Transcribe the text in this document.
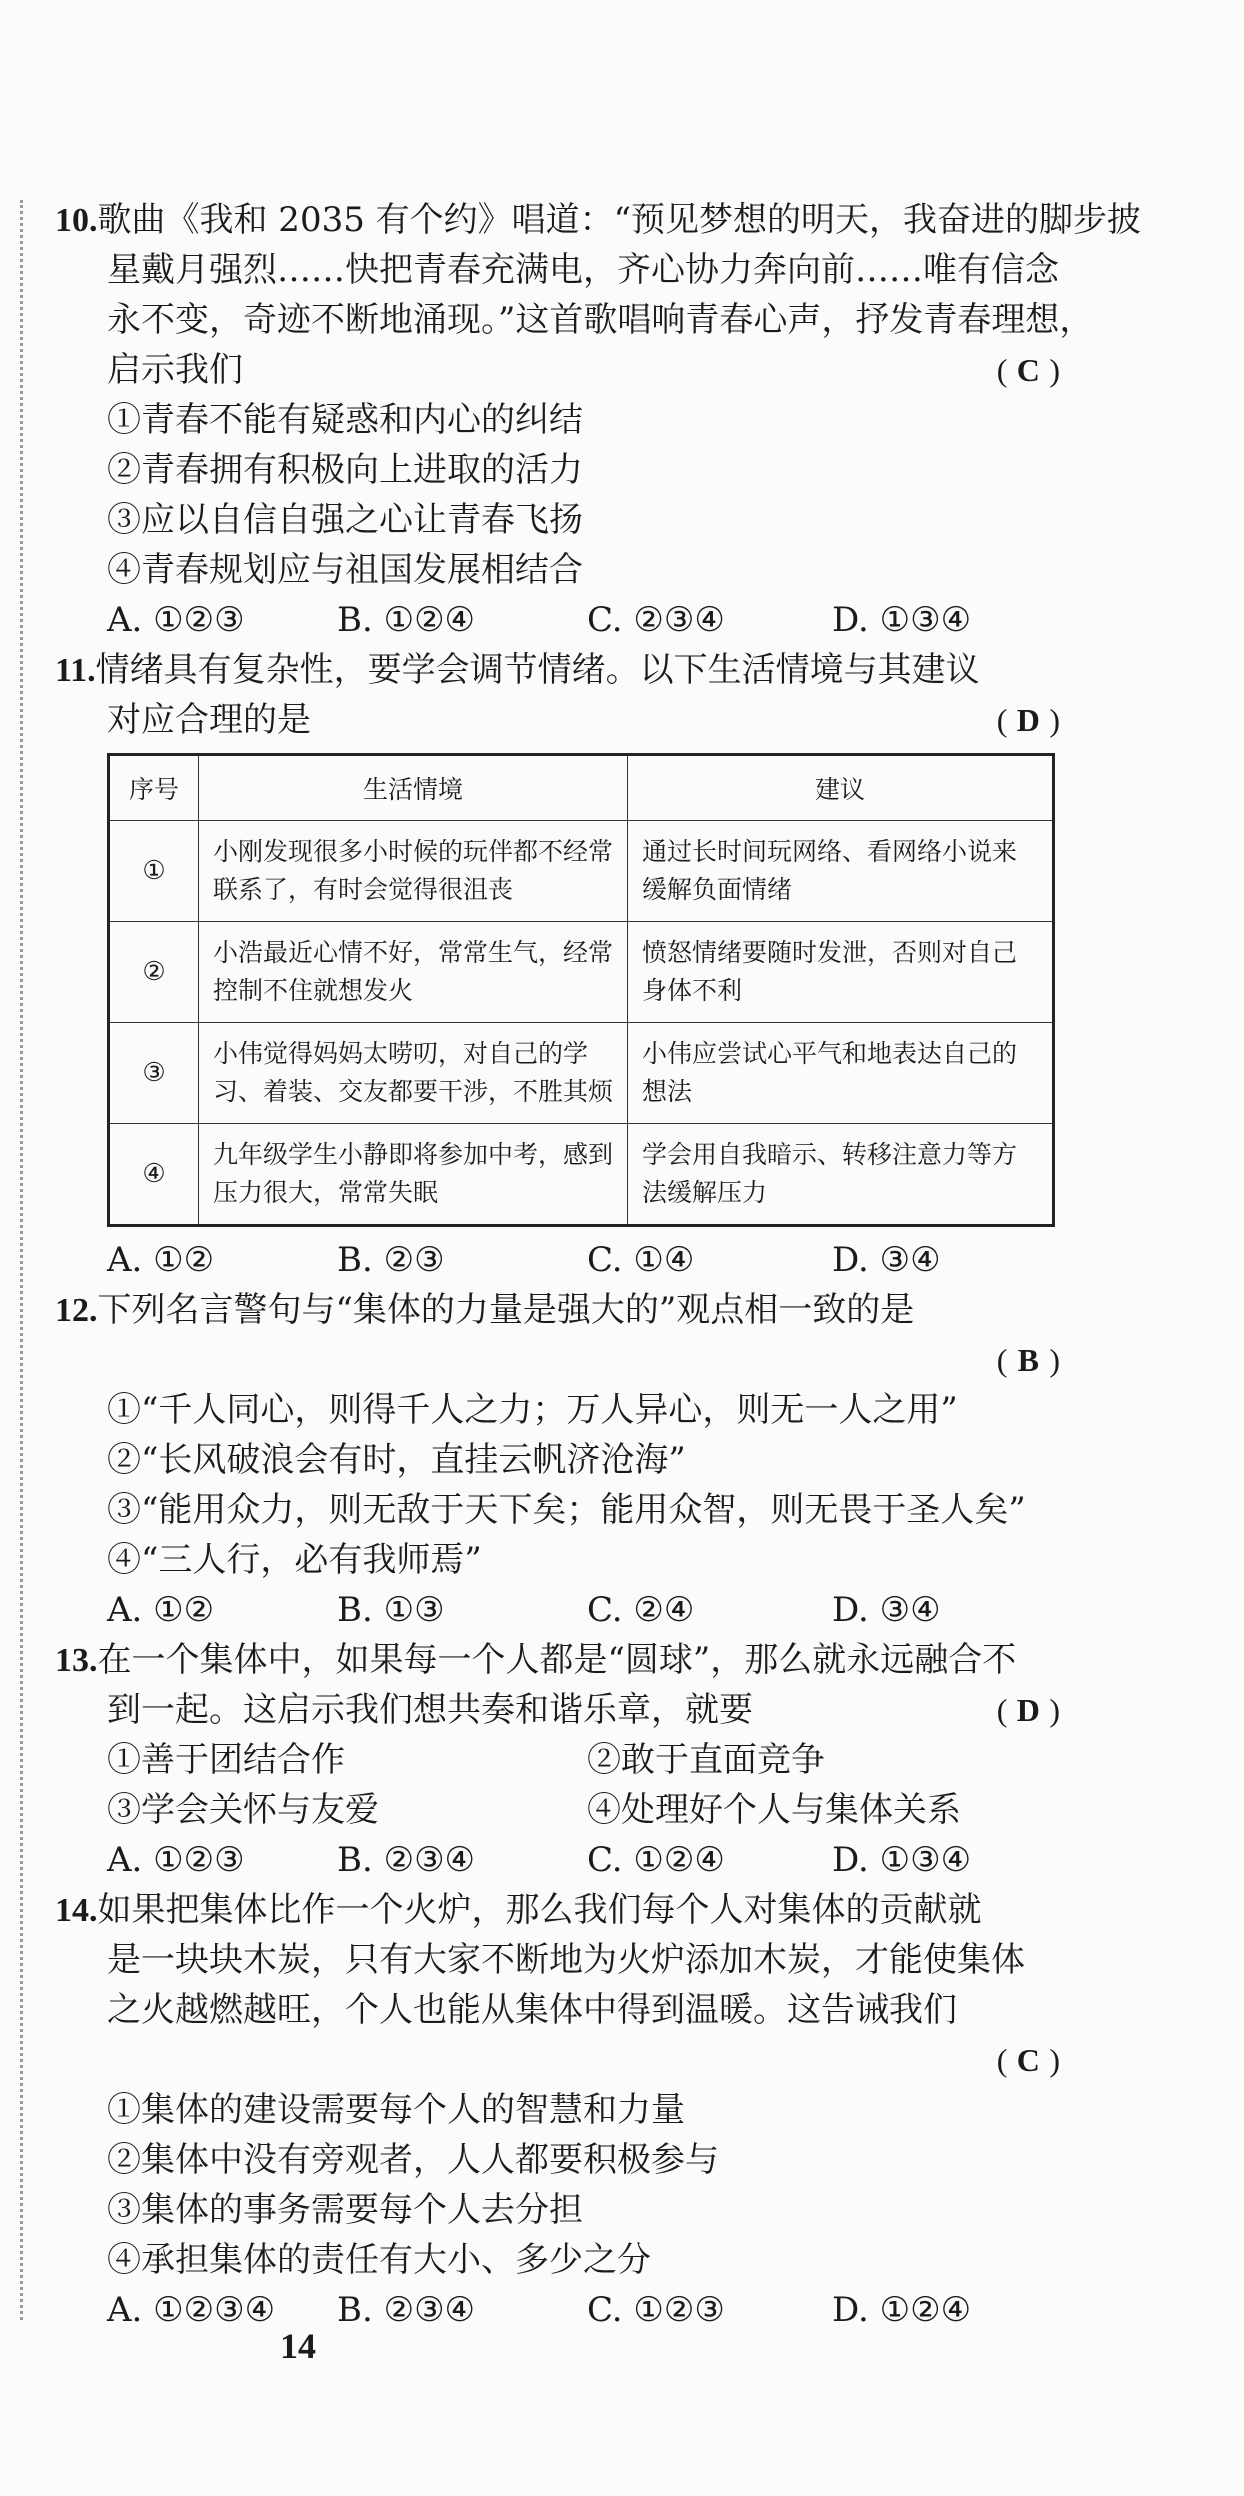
10.歌曲《我和 2035 有个约》唱道：“预见梦想的明天，我奋进的脚步披
星戴月强烈……快把青春充满电，齐心协力奔向前……唯有信念
永不变，奇迹不断地涌现。”这首歌唱响青春心声，抒发青春理想，
启示我们	( C )
①青春不能有疑惑和内心的纠结
②青春拥有积极向上进取的活力
③应以自信自强之心让青春飞扬
④青春规划应与祖国发展相结合
A. ①②③	B. ①②④	C. ②③④	D. ①③④
11.情绪具有复杂性，要学会调节情绪。以下生活情境与其建议
对应合理的是	( D )
序号	生活情境	建议
①	小刚发现很多小时候的玩伴都不经常联系了，有时会觉得很沮丧	通过长时间玩网络、看网络小说来缓解负面情绪
②	小浩最近心情不好，常常生气，经常控制不住就想发火	愤怒情绪要随时发泄，否则对自己身体不利
③	小伟觉得妈妈太唠叨，对自己的学习、着装、交友都要干涉，不胜其烦	小伟应尝试心平气和地表达自己的想法
④	九年级学生小静即将参加中考，感到压力很大，常常失眠	学会用自我暗示、转移注意力等方法缓解压力
A. ①②	B. ②③	C. ①④	D. ③④
12.下列名言警句与“集体的力量是强大的”观点相一致的是
( B )
①“千人同心，则得千人之力；万人异心，则无一人之用”
②“长风破浪会有时，直挂云帆济沧海”
③“能用众力，则无敌于天下矣；能用众智，则无畏于圣人矣”
④“三人行，必有我师焉”
A. ①②	B. ①③	C. ②④	D. ③④
13.在一个集体中，如果每一个人都是“圆球”，那么就永远融合不
到一起。这启示我们想共奏和谐乐章，就要	( D )
①善于团结合作	②敢于直面竞争
③学会关怀与友爱	④处理好个人与集体关系
A. ①②③	B. ②③④	C. ①②④	D. ①③④
14.如果把集体比作一个火炉，那么我们每个人对集体的贡献就
是一块块木炭，只有大家不断地为火炉添加木炭，才能使集体
之火越燃越旺，个人也能从集体中得到温暖。这告诫我们
( C )
①集体的建设需要每个人的智慧和力量
②集体中没有旁观者，人人都要积极参与
③集体的事务需要每个人去分担
④承担集体的责任有大小、多少之分
A. ①②③④	B. ②③④	C. ①②③	D. ①②④
14
